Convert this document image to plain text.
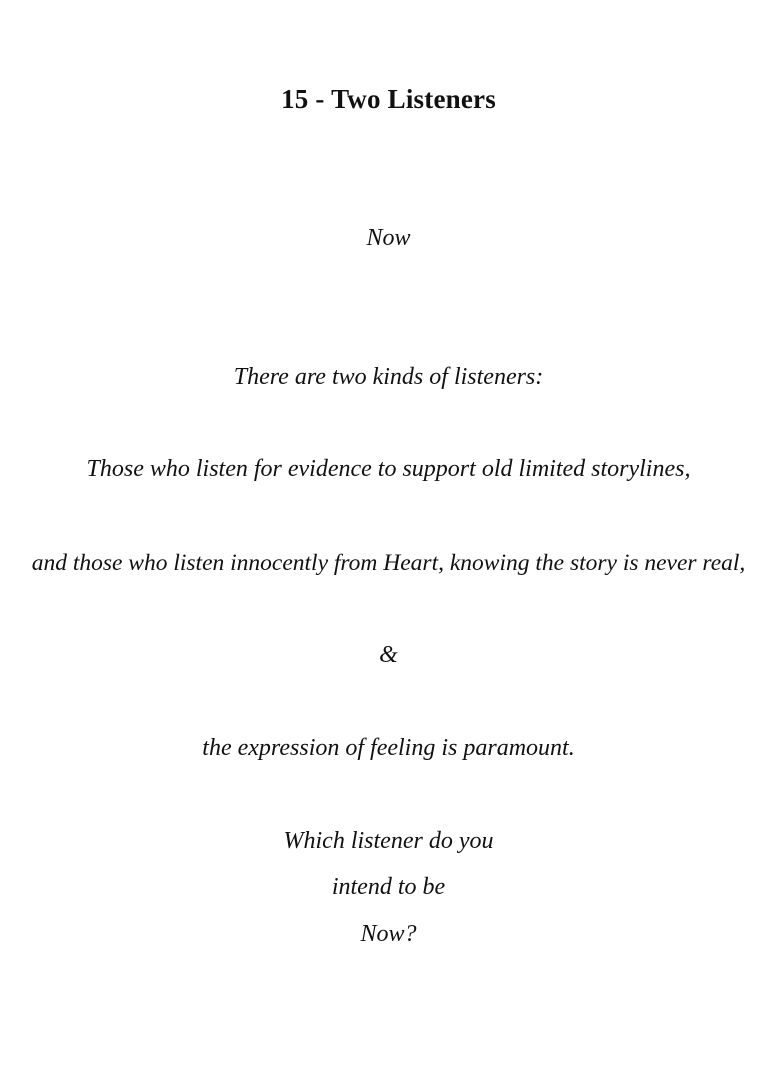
15 - Two Listeners
Now
There are two kinds of listeners:
Those who listen for evidence to support old limited storylines,
and those who listen innocently from Heart, knowing the story is never real,
&
the expression of feeling is paramount.
Which listener do you
intend to be
Now?
